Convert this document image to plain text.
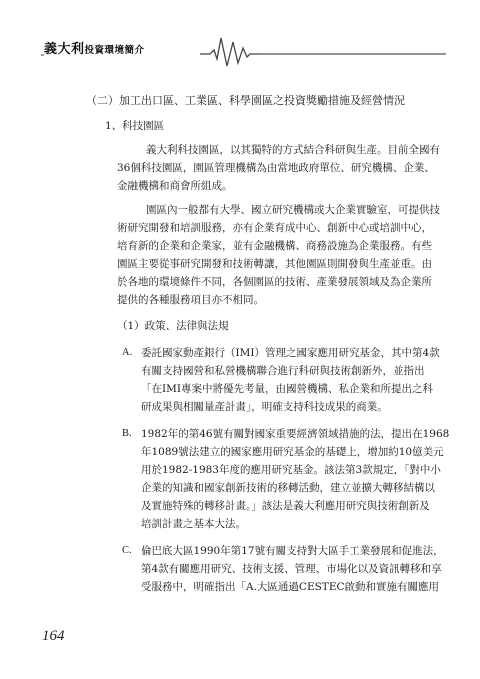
義大利投資環境簡介
（二）加工出口區、工業區、科學園區之投資獎勵措施及經營情況
1、科技園區
義大利科技園區，以其獨特的方式結合科研與生產。目前全國有
36個科技園區，園區管理機構為由當地政府單位、研究機構、企業、
金融機構和商會所組成。
園區內一般都有大學、國立研究機構或大企業實驗室，可提供技
術研究開發和培訓服務，亦有企業育成中心、創新中心或培訓中心，
培育新的企業和企業家，並有金融機構、商務設施為企業服務。有些
園區主要從事研究開發和技術轉讓，其他園區則開發與生產並重。由
於各地的環境條件不同，各個園區的技術、產業發展領域及為企業所
提供的各種服務項目亦不相同。
（1）政策、法律與法規
A. 委託國家動產銀行（IMI）管理之國家應用研究基金，其中第4款
有關支持國營和私營機構聯合進行科研與技術創新外，並指出
「在IMI專案中將優先考量，由國營機構、私企業和所提出之科
研成果與相關量產計畫」，明確支持科技成果的商業。
B. 1982年的第46號有關對國家重要經濟領域措施的法，提出在1968
年1089號法建立的國家應用研究基金的基礎上，增加約10億美元
用於1982-1983年度的應用研究基金。該法第3款規定，「對中小
企業的知識和國家創新技術的移轉活動，建立並擴大轉移結構以
及實施特殊的轉移計畫。」該法是義大利應用研究與技術創新及
培訓計畫之基本大法。
C. 倫巴底大區1990年第17號有關支持對大區手工業發展和促進法，
第4款有關應用研究、技術支援、管理、市場化以及資訊轉移和享
受服務中，明確指出「A.大區通過CESTEC啟動和實施有關應用
164
